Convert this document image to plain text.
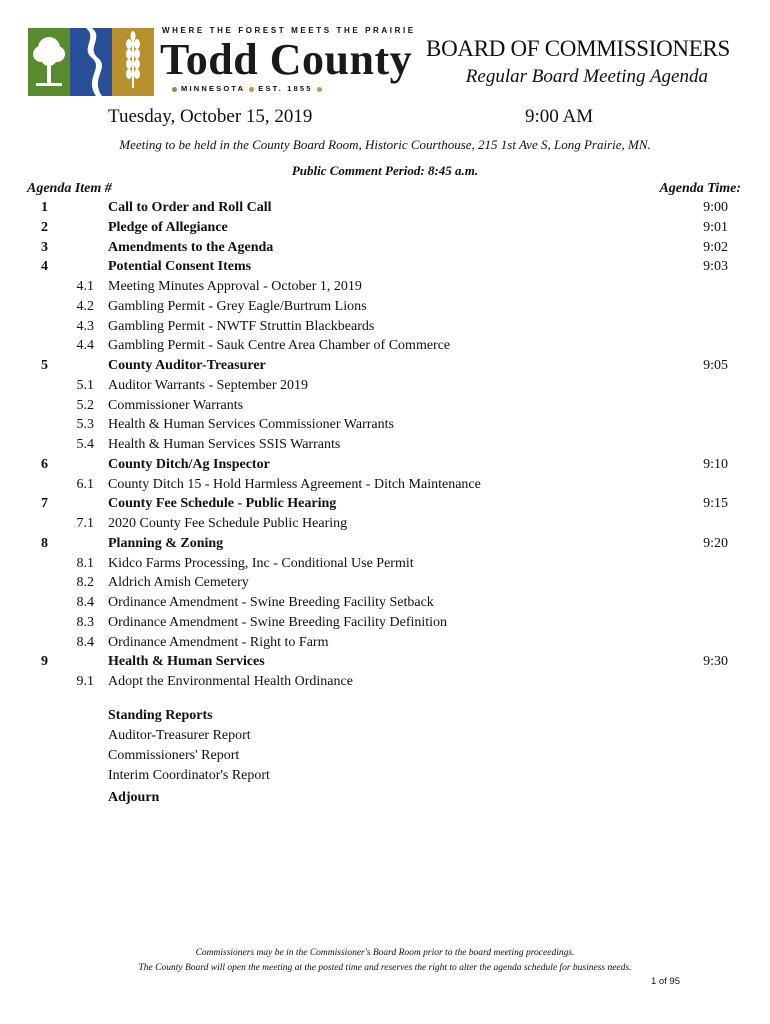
WHERE THE FOREST MEETS THE PRAIRIE
Todd County
MINNESOTA EST. 1855
BOARD OF COMMISSIONERS
Regular Board Meeting Agenda
Tuesday, October 15, 2019	9:00 AM
Meeting to be held in the County Board Room, Historic Courthouse, 215 1st Ave S, Long Prairie, MN.
Public Comment Period: 8:45 a.m.
Agenda Item #	Agenda Time:
1	Call to Order and Roll Call	9:00
2	Pledge of Allegiance	9:01
3	Amendments to the Agenda	9:02
4	Potential Consent Items	9:03
4.1 Meeting Minutes Approval - October 1, 2019
4.2 Gambling Permit - Grey Eagle/Burtrum Lions
4.3 Gambling Permit - NWTF Struttin Blackbeards
4.4 Gambling Permit - Sauk Centre Area Chamber of Commerce
5	County Auditor-Treasurer	9:05
5.1 Auditor Warrants - September 2019
5.2 Commissioner Warrants
5.3 Health & Human Services Commissioner Warrants
5.4 Health & Human Services SSIS Warrants
6	County Ditch/Ag Inspector	9:10
6.1 County Ditch 15 - Hold Harmless Agreement - Ditch Maintenance
7	County Fee Schedule - Public Hearing	9:15
7.1 2020 County Fee Schedule Public Hearing
8	Planning & Zoning	9:20
8.1 Kidco Farms Processing, Inc - Conditional Use Permit
8.2 Aldrich Amish Cemetery
8.4 Ordinance Amendment - Swine Breeding Facility Setback
8.3 Ordinance Amendment - Swine Breeding Facility Definition
8.4 Ordinance Amendment - Right to Farm
9	Health & Human Services	9:30
9.1 Adopt the Environmental Health Ordinance
Standing Reports
Auditor-Treasurer Report
Commissioners' Report
Interim Coordinator's Report
Adjourn
Commissioners may be in the Commissioner's Board Room prior to the board meeting proceedings.
The County Board will open the meeting at the posted time and reserves the right to alter the agenda schedule for business needs.
1 of 95
